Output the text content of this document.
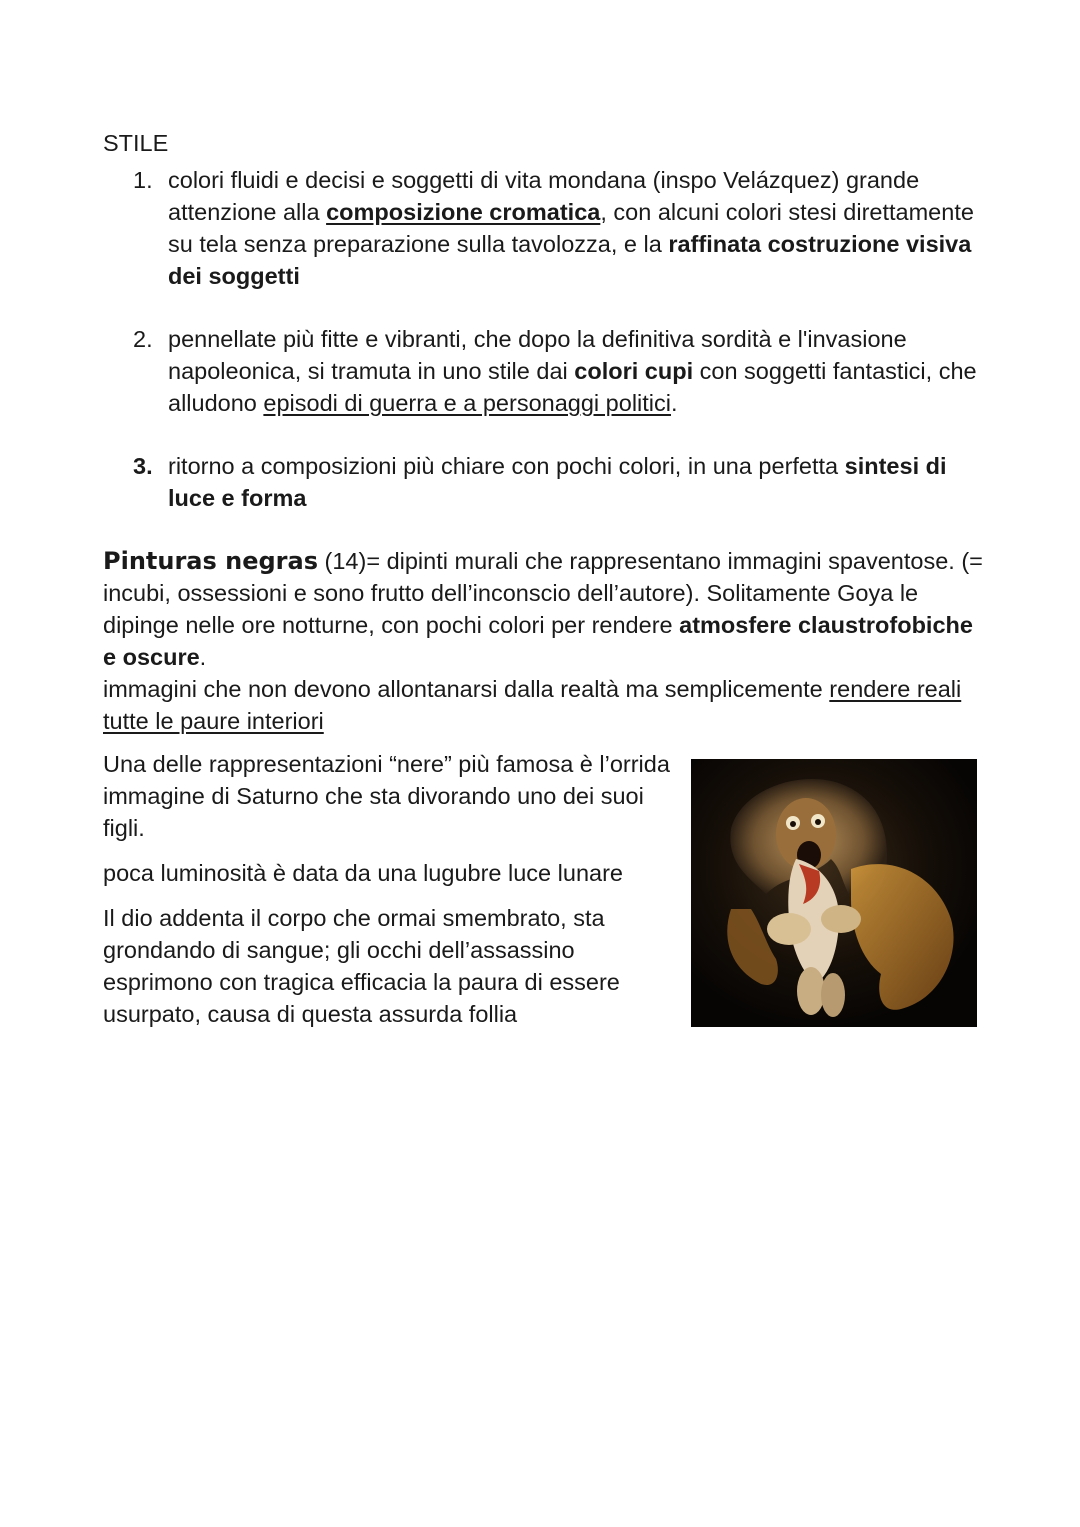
STILE
1. colori fluidi e decisi e soggetti di vita mondana (inspo Velázquez) grande attenzione alla composizione cromatica, con alcuni colori stesi direttamente su tela senza preparazione sulla tavolozza, e la raffinata costruzione visiva dei soggetti
2. pennellate più fitte e vibranti, che dopo la definitiva sordità e l'invasione napoleonica, si tramuta in uno stile dai colori cupi con soggetti fantastici, che alludono episodi di guerra e a personaggi politici.
3. ritorno a composizioni più chiare con pochi colori, in una perfetta sintesi di luce e forma

Pinturas negras (14)= dipinti murali che rappresentano immagini spaventose. (= incubi, ossessioni e sono frutto dell’inconscio dell’autore). Solitamente Goya le dipinge nelle ore notturne, con pochi colori per rendere atmosfere claustrofobiche e oscure.

immagini che non devono allontanarsi dalla realtà ma semplicemente rendere reali tutte le paure interiori

Una delle rappresentazioni “nere” più famosa è l’orrida immagine di Saturno che sta divorando uno dei suoi figli.

poca luminosità è data da una lugubre luce lunare

Il dio addenta il corpo che ormai smembrato, sta grondando di sangue; gli occhi dell’assassino esprimono con tragica efficacia la paura di essere usurpato, causa di questa assurda follia
